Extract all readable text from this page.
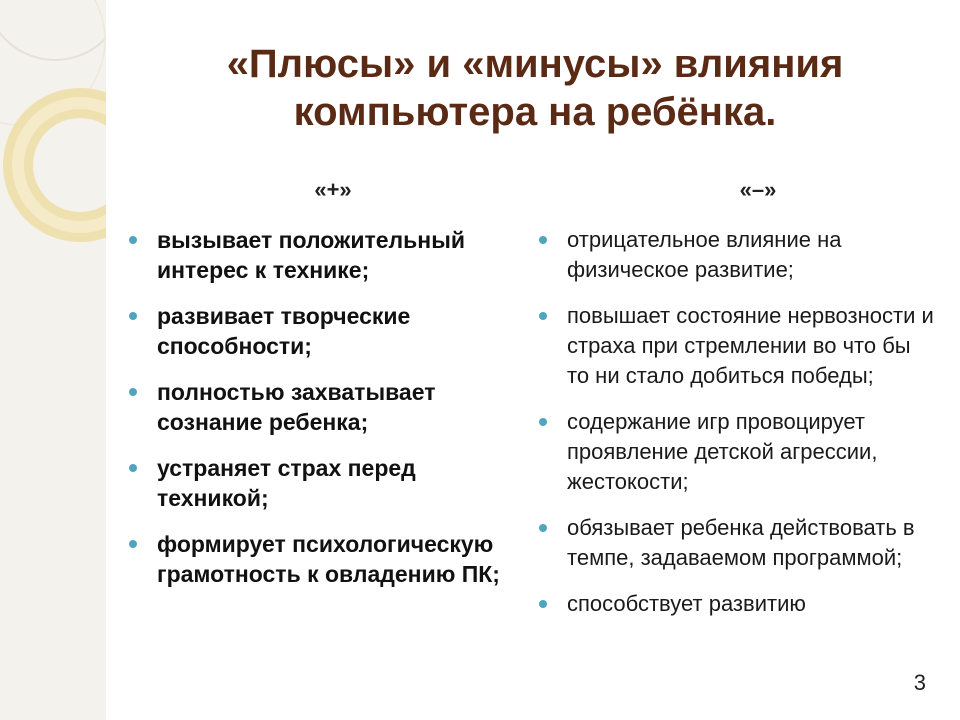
«Плюсы» и «минусы» влияния
компьютера на ребёнка.
«+»
вызывает положительный интерес к технике;
развивает творческие способности;
полностью захватывает сознание ребенка;
устраняет страх перед техникой;
формирует психологическую грамотность к овладению ПК;
«–»
отрицательное влияние на физическое развитие;
повышает состояние нервозности и страха при стремлении во что бы то ни стало добиться победы;
содержание игр провоцирует проявление детской агрессии, жестокости;
обязывает ребенка действовать в темпе, задаваемом программой;
способствует развитию
3
